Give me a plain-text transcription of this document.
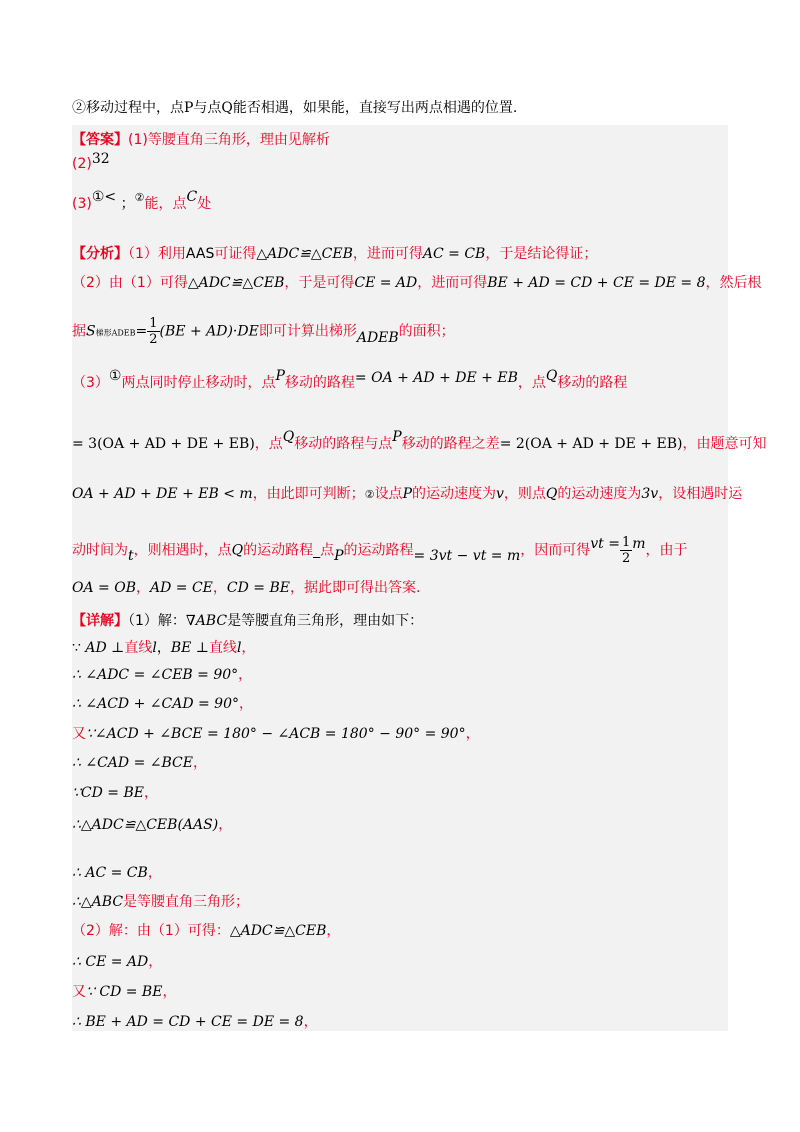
②移动过程中，点P与点Q能否相遇，如果能，直接写出两点相遇的位置.
【答案】(1)等腰直角三角形，理由见解析
(2)32
(3)①< ；②能，点C处
【分析】（1）利用AAS可证得△ADC≌△CEB，进而可得AC = CB，于是结论得证；
（2）由（1）可得△ADC≌△CEB，于是可得CE = AD，进而可得BE + AD = CD + CE = DE = 8，然后根
据S梯形ADEB= $\frac{1}{2} (BE + AD)\cdot DE$即可计算出梯形ADEB的面积；
（3）①两点同时停止移动时，点P移动的路程= OA + AD + DE + EB，点Q移动的路程
= 3(OA + AD + DE + EB)，点Q移动的路程与点P移动的路程之差= 2(OA + AD + DE + EB)，由题意可知
OA + AD + DE + EB < m，由此即可判断；②设点P的运动速度为v，则点Q的运动速度为3v，设相遇时运
动时间为t，则相遇时，点Q的运动路程_点P的运动路程= 3vt − vt = m，因而可得vt = $\frac{1}{2}$ m，由于
OA = OB，AD = CE，CD = BE，据此即可得出答案.
【详解】（1）解：∇ABC是等腰直角三角形，理由如下：
∵ AD ⊥直线l，BE ⊥直线l，
∴ ∠ADC = ∠CEB = 90°，
∴ ∠ACD + ∠CAD = 90°，
又∵∠ACD + ∠BCE = 180° − ∠ACB = 180° − 90° = 90°，
∴ ∠CAD = ∠BCE，
∵CD = BE，
∴△ADC≌△CEB(AAS)，
∴ AC = CB，
∴△ABC是等腰直角三角形；
（2）解：由（1）可得：△ADC≌△CEB，
∴ CE = AD，
又∵ CD = BE，
∴ BE + AD = CD + CE = DE = 8，
